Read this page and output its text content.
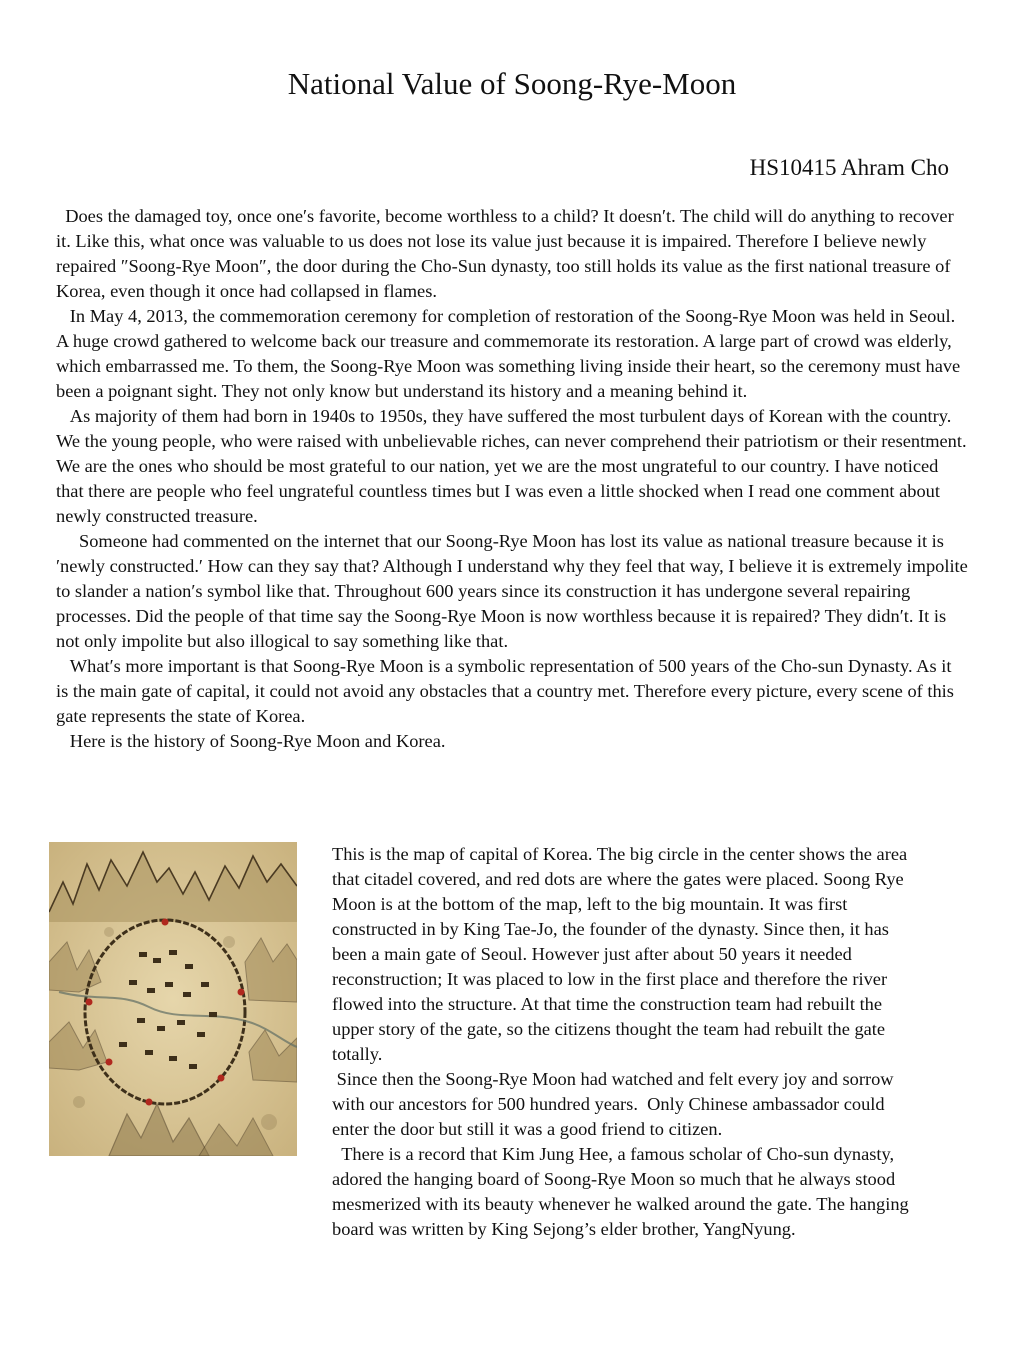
National Value of Soong-Rye-Moon
HS10415 Ahram Cho

Does the damaged toy, once one′s favorite, become worthless to a child? It doesn′t. The child will do anything to recover it. Like this, what once was valuable to us does not lose its value just because it is impaired. Therefore I believe newly repaired ″Soong-Rye Moon″, the door during the Cho-Sun dynasty, too still holds its value as the first national treasure of Korea, even though it once had collapsed in flames.

In May 4, 2013, the commemoration ceremony for completion of restoration of the Soong-Rye Moon was held in Seoul. A huge crowd gathered to welcome back our treasure and commemorate its restoration. A large part of crowd was elderly, which embarrassed me. To them, the Soong-Rye Moon was something living inside their heart, so the ceremony must have been a poignant sight. They not only know but understand its history and a meaning behind it.

As majority of them had born in 1940s to 1950s, they have suffered the most turbulent days of Korean with the country. We the young people, who were raised with unbelievable riches, can never comprehend their patriotism or their resentment. We are the ones who should be most grateful to our nation, yet we are the most ungrateful to our country. I have noticed that there are people who feel ungrateful countless times but I was even a little shocked when I read one comment about newly constructed treasure.

Someone had commented on the internet that our Soong-Rye Moon has lost its value as national treasure because it is ′newly constructed.′ How can they say that? Although I understand why they feel that way, I believe it is extremely impolite to slander a nation′s symbol like that. Throughout 600 years since its construction it has undergone several repairing processes. Did the people of that time say the Soong-Rye Moon is now worthless because it is repaired? They didn′t. It is not only impolite but also illogical to say something like that.

What′s more important is that Soong-Rye Moon is a symbolic representation of 500 years of the Cho-sun Dynasty. As it is the main gate of capital, it could not avoid any obstacles that a country met. Therefore every picture, every scene of this gate represents the state of Korea.

Here is the history of Soong-Rye Moon and Korea.

This is the map of capital of Korea. The big circle in the center shows the area that citadel covered, and red dots are where the gates were placed. Soong Rye Moon is at the bottom of the map, left to the big mountain. It was first constructed in by King Tae-Jo, the founder of the dynasty. Since then, it has been a main gate of Seoul. However just after about 50 years it needed reconstruction; It was placed to low in the first place and therefore the river flowed into the structure. At that time the construction team had rebuilt the upper story of the gate, so the citizens thought the team had rebuilt the gate totally.

Since then the Soong-Rye Moon had watched and felt every joy and sorrow with our ancestors for 500 hundred years.  Only Chinese ambassador could enter the door but still it was a good friend to citizen.

There is a record that Kim Jung Hee, a famous scholar of Cho-sun dynasty, adored the hanging board of Soong-Rye Moon so much that he always stood mesmerized with its beauty whenever he walked around the gate. The hanging board was written by King Sejong’s elder brother, YangNyung.
